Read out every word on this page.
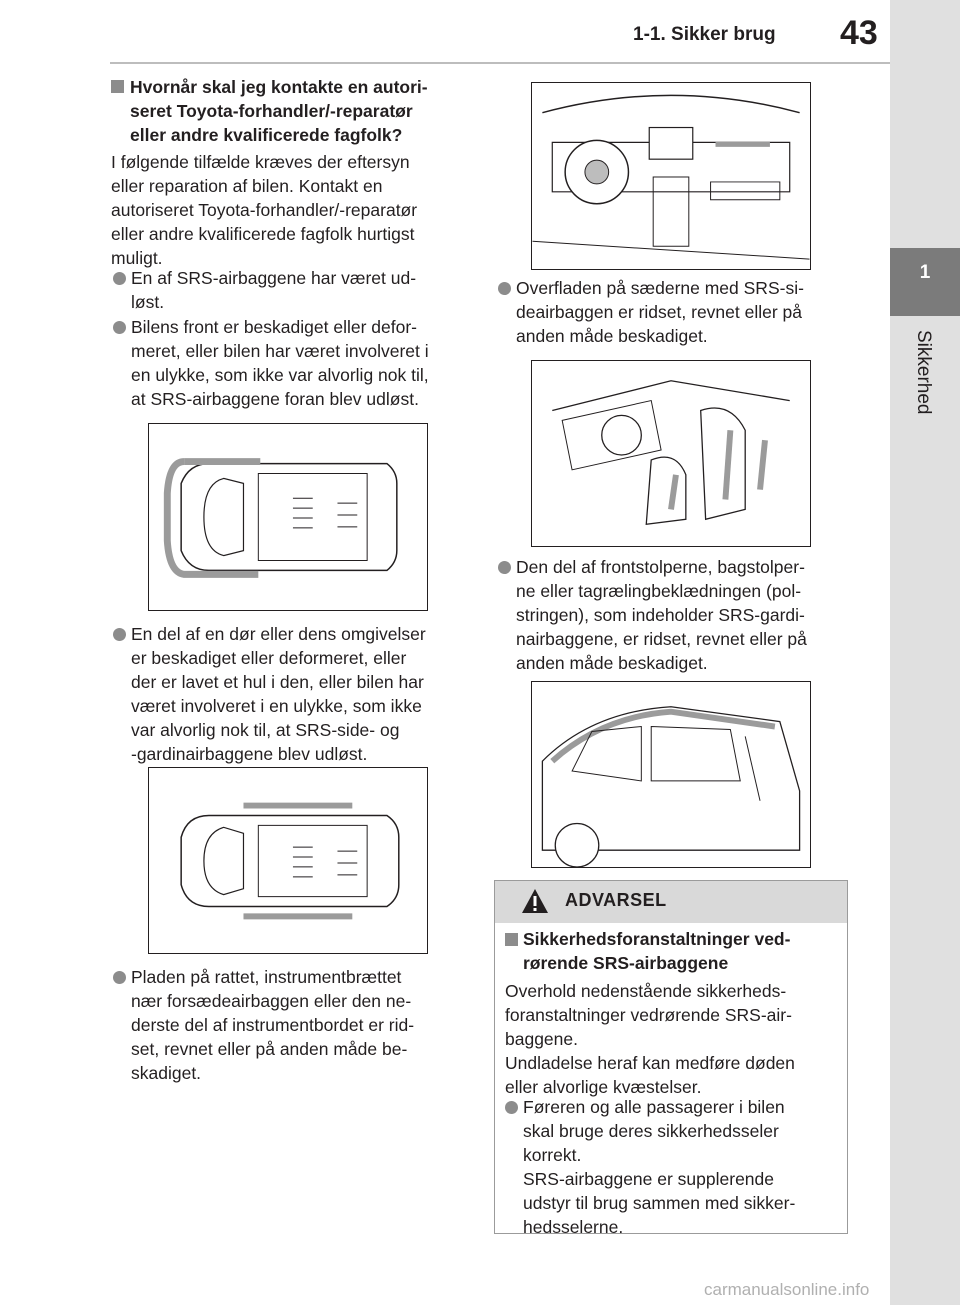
1-1. Sikker brug 43
1
Sikkerhed
Hvornår skal jeg kontakte en autori-
seret Toyota-forhandler/-reparatør
eller andre kvalificerede fagfolk?
I følgende tilfælde kræves der eftersyn
eller reparation af bilen. Kontakt en
autoriseret Toyota-forhandler/-reparatør
eller andre kvalificerede fagfolk hurtigst
muligt.
En af SRS-airbaggene har været ud-
løst.
Bilens front er beskadiget eller defor-
meret, eller bilen har været involveret i
en ulykke, som ikke var alvorlig nok til,
at SRS-airbaggene foran blev udløst.
En del af en dør eller dens omgivelser
er beskadiget eller deformeret, eller
der er lavet et hul i den, eller bilen har
været involveret i en ulykke, som ikke
var alvorlig nok til, at SRS-side- og
-gardinairbaggene blev udløst.
Pladen på rattet, instrumentbrættet
nær forsædeairbaggen eller den ne-
derste del af instrumentbordet er rid-
set, revnet eller på anden måde be-
skadiget.
Overfladen på sæderne med SRS-si-
deairbaggen er ridset, revnet eller på
anden måde beskadiget.
Den del af frontstolperne, bagstolper-
ne eller tagrælingbeklædningen (pol-
stringen), som indeholder SRS-gardi-
nairbaggene, er ridset, revnet eller på
anden måde beskadiget.
ADVARSEL
Sikkerhedsforanstaltninger ved-
rørende SRS-airbaggene
Overhold nedenstående sikkerheds-
foranstaltninger vedrørende SRS-air-
baggene.
Undladelse heraf kan medføre døden
eller alvorlige kvæstelser.
Føreren og alle passagerer i bilen
skal bruge deres sikkerhedsseler
korrekt.
SRS-airbaggene er supplerende
udstyr til brug sammen med sikker-
hedsselerne.
carmanualsonline.info
